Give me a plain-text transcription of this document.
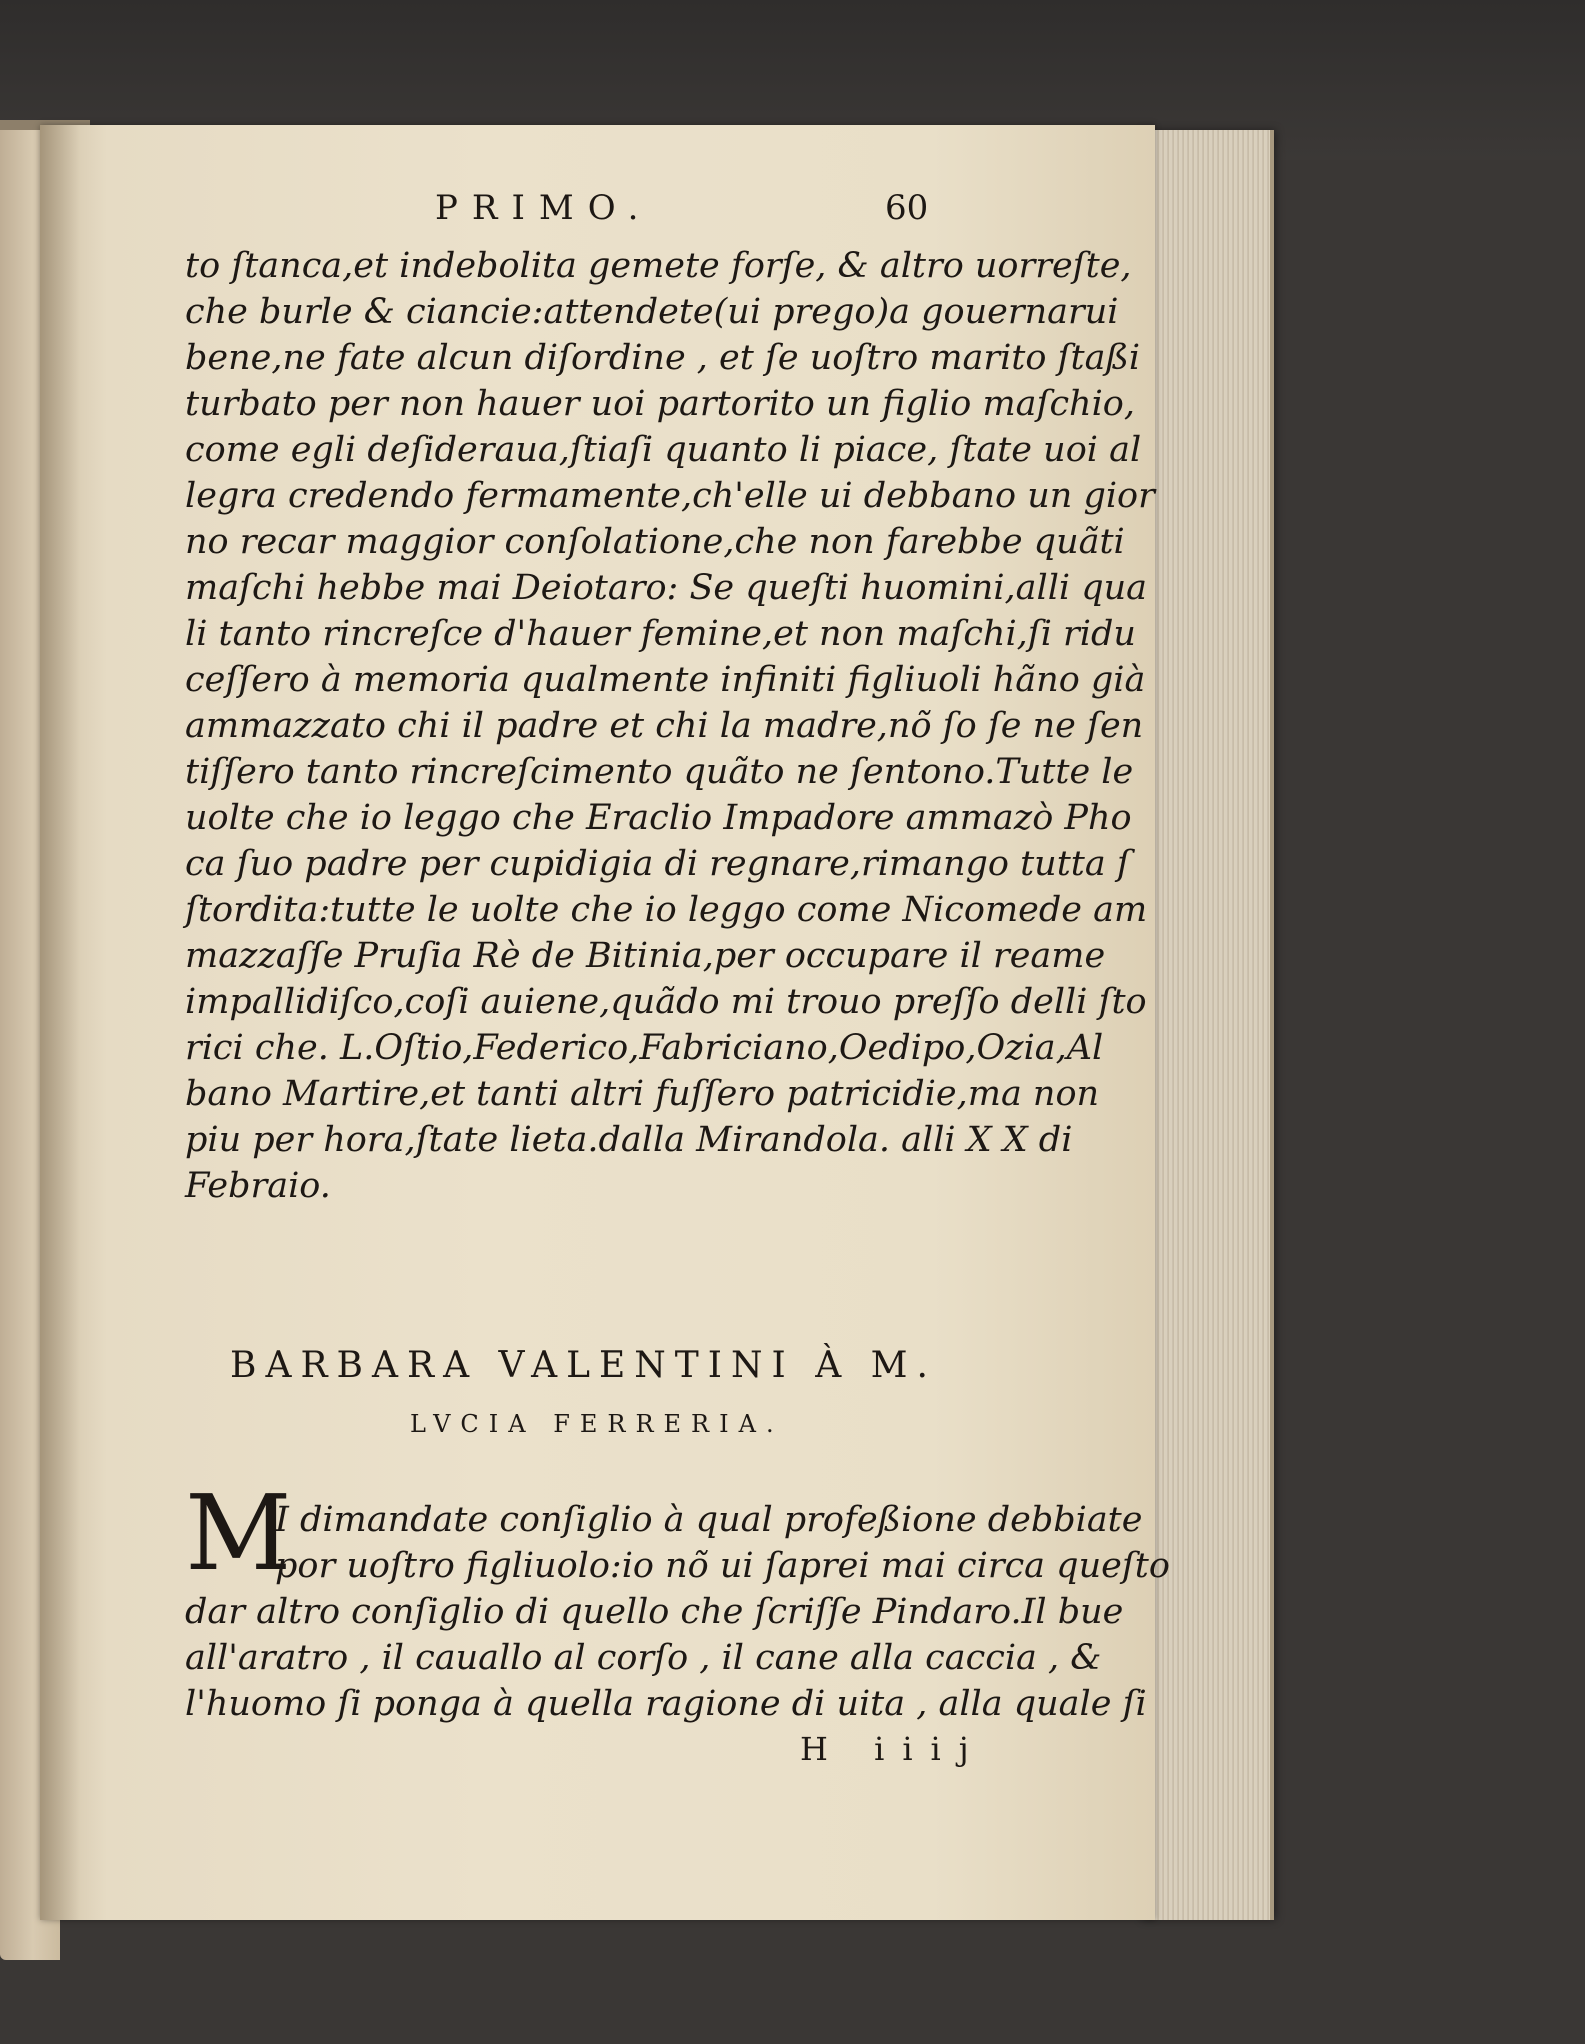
PRIMO.	60
to ſtanca,et indebolita gemete forſe, & altro uorreſte,
che burle & ciancie:attendete(ui prego)a gouernarui
bene,ne fate alcun diſordine , et ſe uoſtro marito ſtaßi
turbato per non hauer uoi partorito un figlio maſchio,
come egli deſideraua,ſtiaſi quanto li piace, ſtate uoi al
legra credendo fermamente,ch'elle ui debbano un gior
no recar maggior conſolatione,che non farebbe quãti
maſchi hebbe mai Deiotaro: Se queſti huomini,alli qua
li tanto rincreſce d'hauer femine,et non maſchi,ſi ridu
ceſſero à memoria qualmente infiniti figliuoli hãno già
ammazzato chi il padre et chi la madre,nõ ſo ſe ne ſen
tiſſero tanto rincreſcimento quãto ne ſentono.Tutte le
uolte che io leggo che Eraclio Impadore ammazò Pho
ca ſuo padre per cupidigia di regnare,rimango tutta ſ
ſtordita:tutte le uolte che io leggo come Nicomede am
mazzaſſe Pruſia Rè de Bitinia,per occupare il reame
impallidiſco,coſi auiene,quãdo mi trouo preſſo delli ſto
rici che. L.Oſtio,Federico,Fabriciano,Oedipo,Ozia,Al
bano Martire,et tanti altri fuſſero patricidie,ma non
piu per hora,ſtate lieta.dalla Mirandola. alli X X di
Febraio.
BARBARA VALENTINI À M.
LVCIA FERRERIA.
M
I dimandate conſiglio à qual profeßione debbiate
por uoſtro figliuolo:io nõ ui ſaprei mai circa queſto
dar altro conſiglio di quello che ſcriſſe Pindaro.Il bue
all'aratro , il cauallo al corſo , il cane alla caccia , &
l'huomo ſi ponga à quella ragione di uita , alla quale ſi
H iiij
